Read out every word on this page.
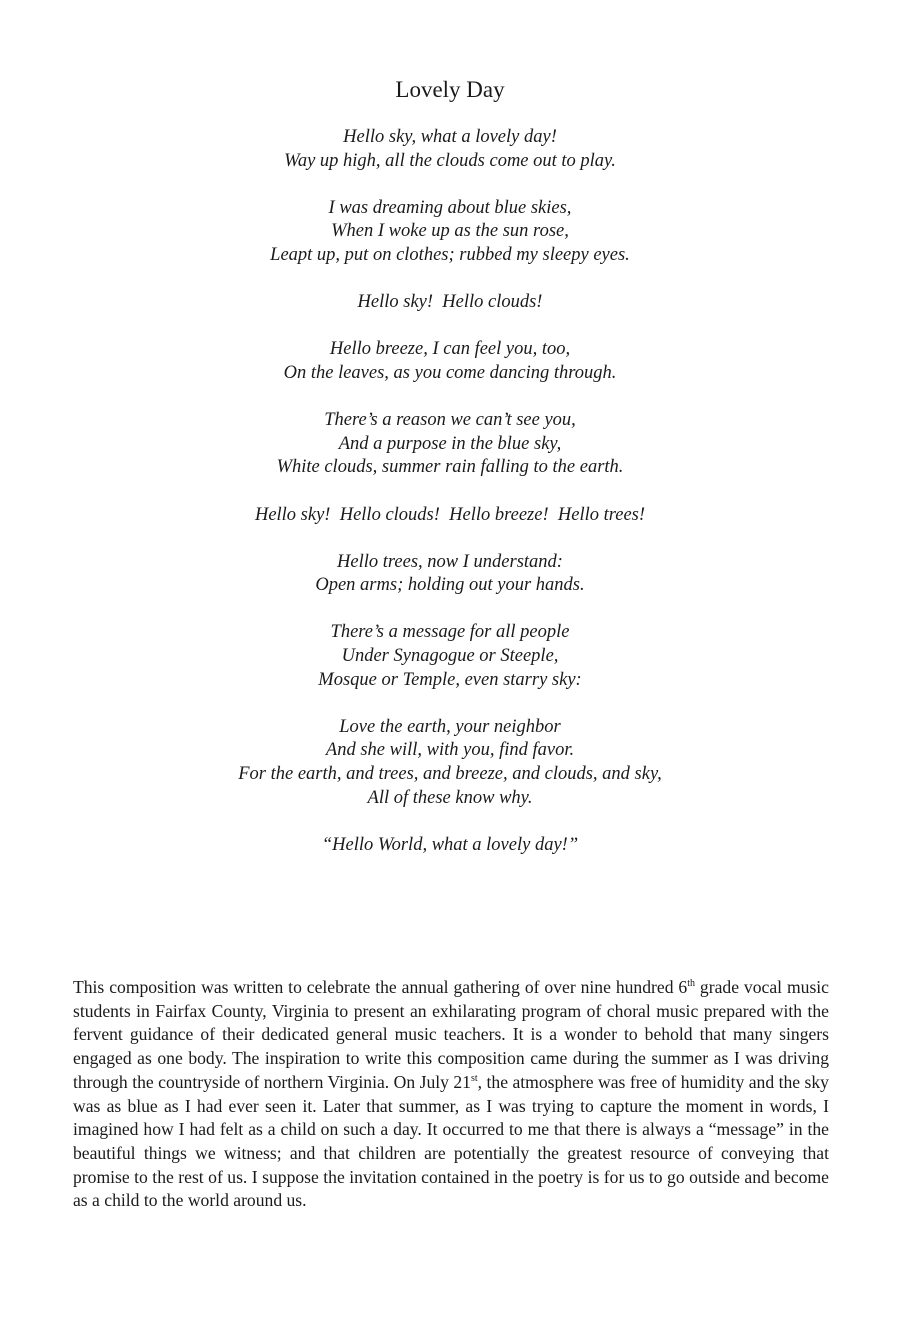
Lovely Day
Hello sky, what a lovely day!
Way up high, all the clouds come out to play.
I was dreaming about blue skies,
When I woke up as the sun rose,
Leapt up, put on clothes; rubbed my sleepy eyes.
Hello sky!  Hello clouds!
Hello breeze, I can feel you, too,
On the leaves, as you come dancing through.
There’s a reason we can’t see you,
And a purpose in the blue sky,
White clouds, summer rain falling to the earth.
Hello sky!  Hello clouds!  Hello breeze!  Hello trees!
Hello trees, now I understand:
Open arms; holding out your hands.
There’s a message for all people
Under Synagogue or Steeple,
Mosque or Temple, even starry sky:
Love the earth, your neighbor
And she will, with you, find favor.
For the earth, and trees, and breeze, and clouds, and sky,
All of these know why.
“Hello World, what a lovely day!”
This composition was written to celebrate the annual gathering of over nine hundred 6th grade vocal music students in Fairfax County, Virginia to present an exhilarating program of choral music prepared with the fervent guidance of their dedicated general music teachers. It is a wonder to behold that many singers engaged as one body. The inspiration to write this composition came during the summer as I was driving through the countryside of northern Virginia. On July 21st, the atmosphere was free of humidity and the sky was as blue as I had ever seen it. Later that summer, as I was trying to capture the moment in words, I imagined how I had felt as a child on such a day. It occurred to me that there is always a “message” in the beautiful things we witness; and that children are potentially the greatest resource of conveying that promise to the rest of us. I suppose the invitation contained in the poetry is for us to go outside and become as a child to the world around us.
